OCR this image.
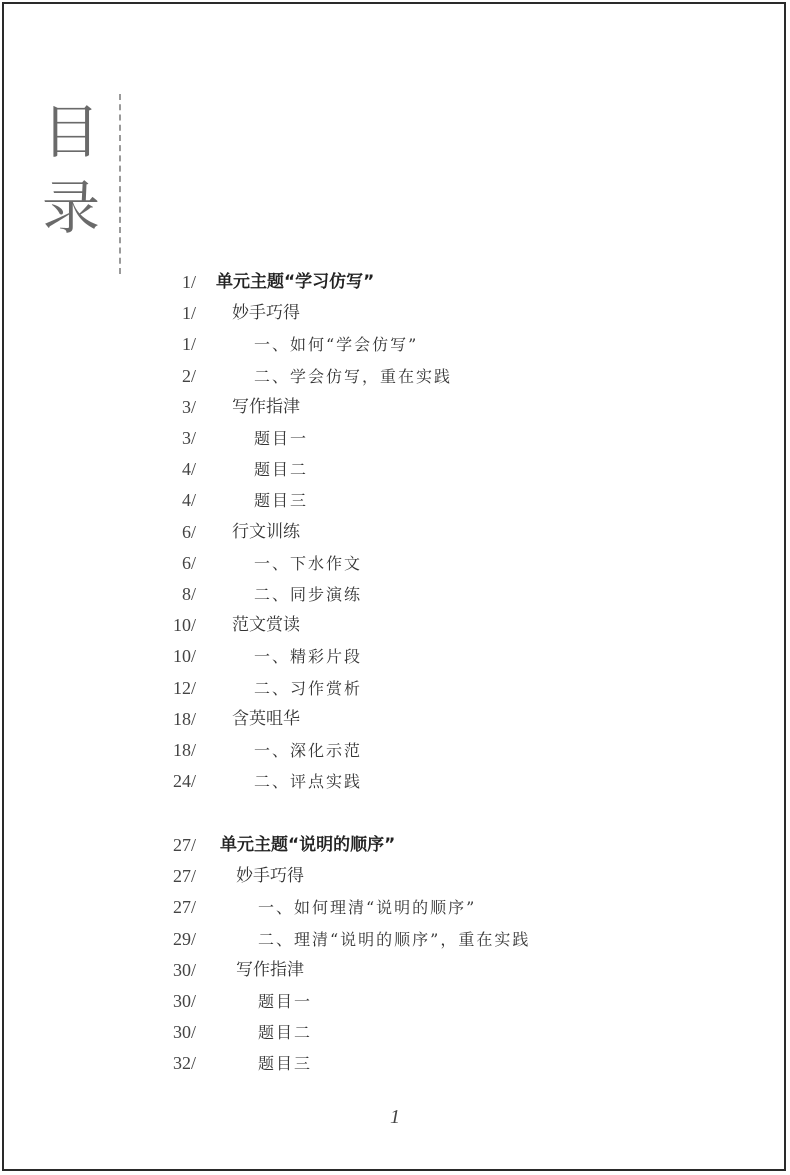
目
录
1/ 单元主题“学习仿写”
1/ 妙手巧得
1/	一、如何“学会仿写”
2/	二、学会仿写，重在实践
3/ 写作指津
3/	题目一
4/	题目二
4/	题目三
6/ 行文训练
6/	一、下水作文
8/	二、同步演练
10/ 范文赏读
10/	一、精彩片段
12/	二、习作赏析
18/ 含英咀华
18/	一、深化示范
24/	二、评点实践
27/ 单元主题“说明的顺序”
27/ 妙手巧得
27/	一、如何理清“说明的顺序”
29/	二、理清“说明的顺序”，重在实践
30/ 写作指津
30/	题目一
30/	题目二
32/	题目三
1
